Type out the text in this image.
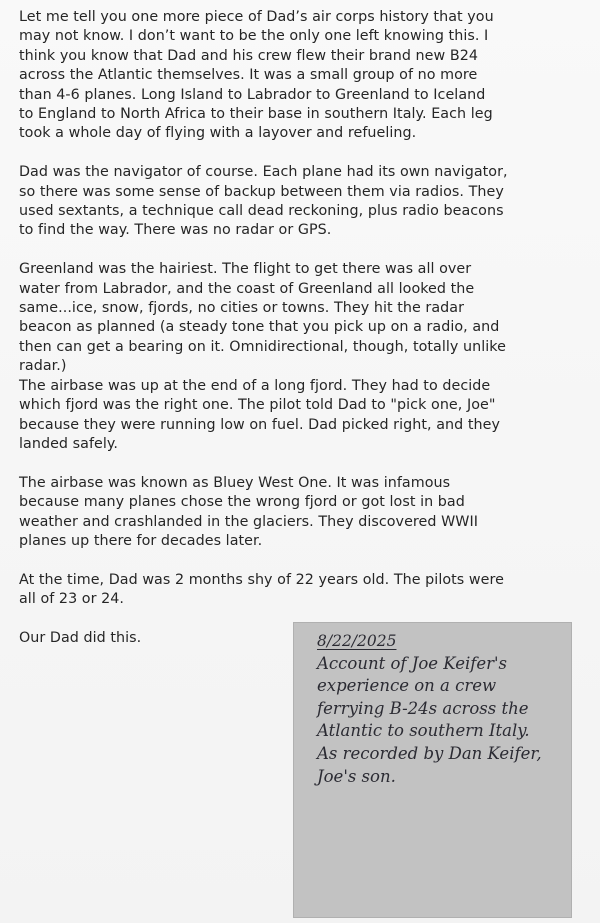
Let me tell you one more piece of Dad’s air corps history that you
may not know. I don’t want to be the only one left knowing this. I
think you know that Dad and his crew flew their brand new B24
across the Atlantic themselves. It was a small group of no more
than 4-6 planes. Long Island to Labrador to Greenland to Iceland
to England to North Africa to their base in southern Italy. Each leg
took a whole day of flying with a layover and refueling.

Dad was the navigator of course. Each plane had its own navigator,
so there was some sense of backup between them via radios. They
used sextants, a technique call dead reckoning, plus radio beacons
to find the way. There was no radar or GPS.

Greenland was the hairiest. The flight to get there was all over
water from Labrador, and the coast of Greenland all looked the
same...ice, snow, fjords, no cities or towns. They hit the radar
beacon as planned (a steady tone that you pick up on a radio, and
then can get a bearing on it. Omnidirectional, though, totally unlike
radar.)

The airbase was up at the end of a long fjord. They had to decide
which fjord was the right one. The pilot told Dad to "pick one, Joe"
because they were running low on fuel. Dad picked right, and they
landed safely.

The airbase was known as Bluey West One. It was infamous
because many planes chose the wrong fjord or got lost in bad
weather and crashlanded in the glaciers. They discovered WWII
planes up there for decades later.

At the time, Dad was 2 months shy of 22 years old. The pilots were
all of 23 or 24.

Our Dad did this.	8/22/2025
Account of Joe Keifer's
experience on a crew
ferrying B-24s across the
Atlantic to southern Italy.
As recorded by Dan Keifer,
Joe's son.
